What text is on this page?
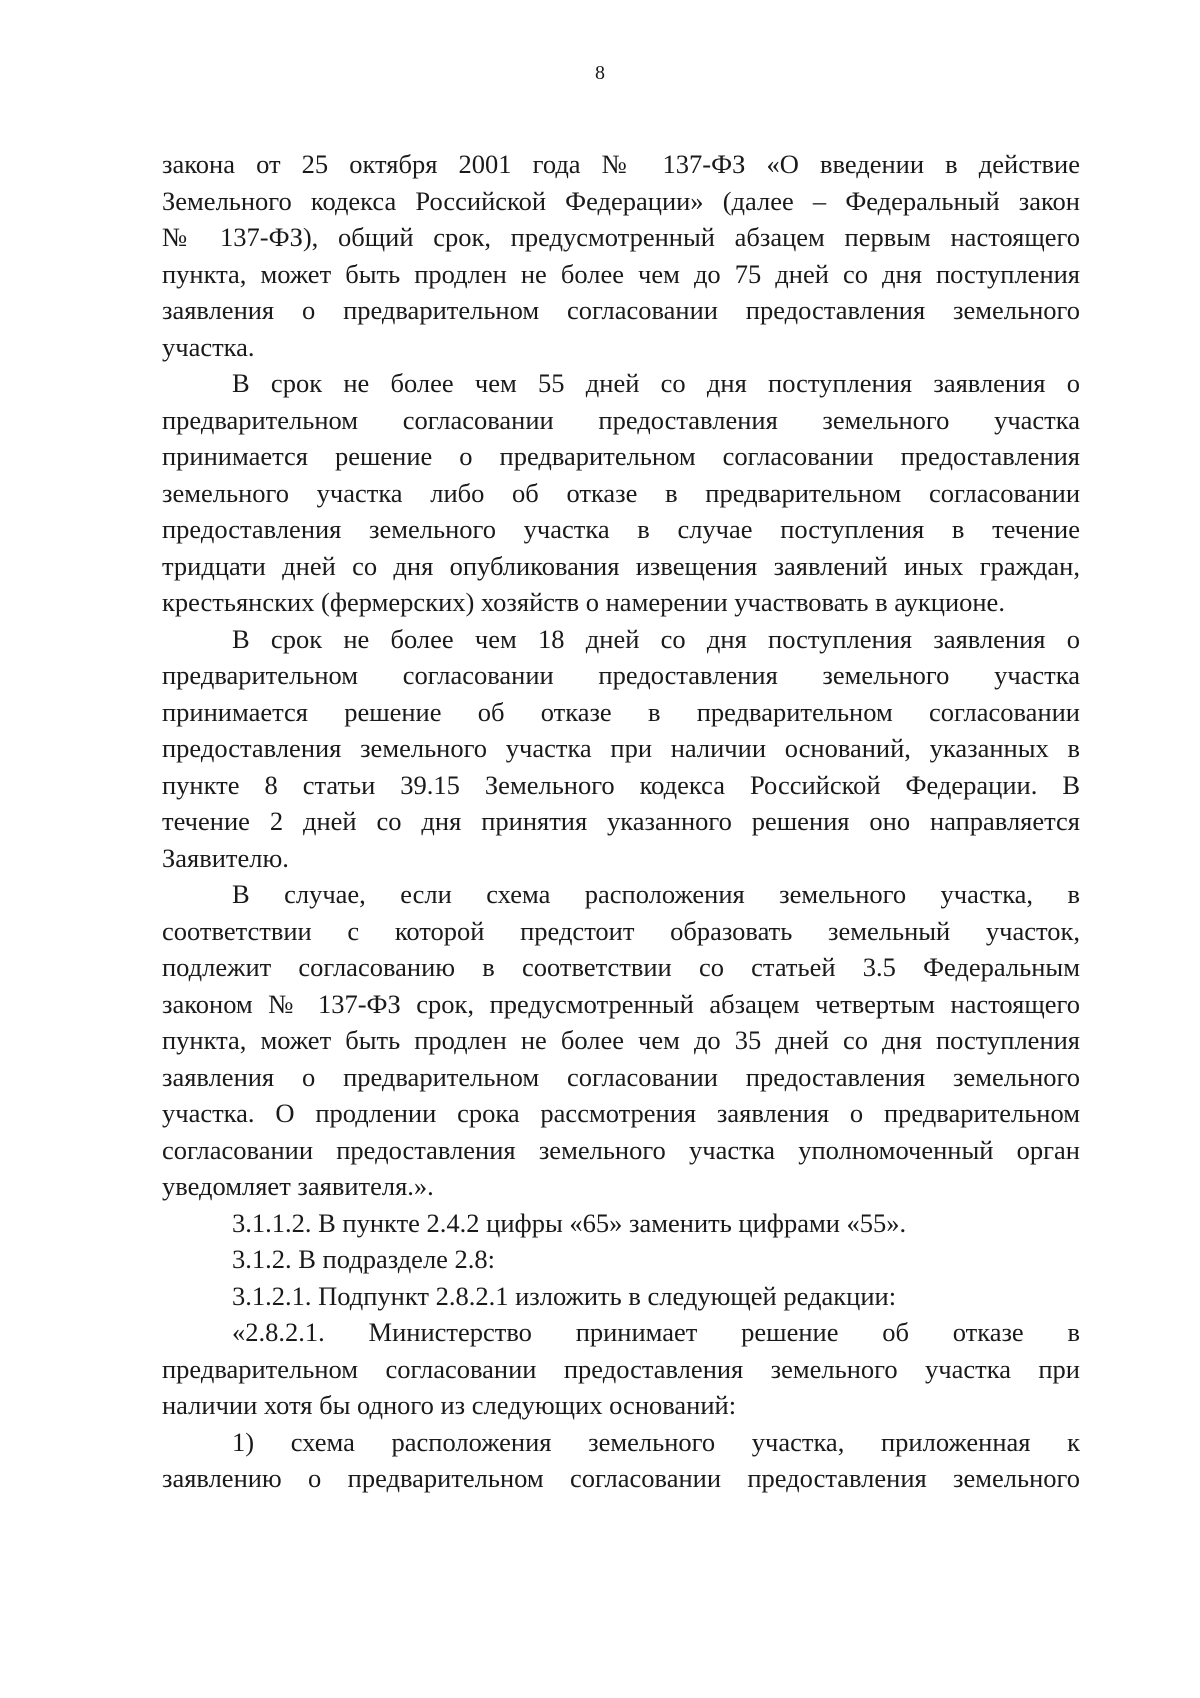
8
закона от 25 октября 2001 года № 137-ФЗ «О введении в действие
Земельного кодекса Российской Федерации» (далее – Федеральный закон
№ 137-ФЗ), общий срок, предусмотренный абзацем первым настоящего
пункта, может быть продлен не более чем до 75 дней со дня поступления
заявления о предварительном согласовании предоставления земельного
участка.
В срок не более чем 55 дней со дня поступления заявления о
предварительном согласовании предоставления земельного участка
принимается решение о предварительном согласовании предоставления
земельного участка либо об отказе в предварительном согласовании
предоставления земельного участка в случае поступления в течение
тридцати дней со дня опубликования извещения заявлений иных граждан,
крестьянских (фермерских) хозяйств о намерении участвовать в аукционе.
В срок не более чем 18 дней со дня поступления заявления о
предварительном согласовании предоставления земельного участка
принимается решение об отказе в предварительном согласовании
предоставления земельного участка при наличии оснований, указанных в
пункте 8 статьи 39.15 Земельного кодекса Российской Федерации. В
течение 2 дней со дня принятия указанного решения оно направляется
Заявителю.
В случае, если схема расположения земельного участка, в
соответствии с которой предстоит образовать земельный участок,
подлежит согласованию в соответствии со статьей 3.5 Федеральным
законом № 137-ФЗ срок, предусмотренный абзацем четвертым настоящего
пункта, может быть продлен не более чем до 35 дней со дня поступления
заявления о предварительном согласовании предоставления земельного
участка. О продлении срока рассмотрения заявления о предварительном
согласовании предоставления земельного участка уполномоченный орган
уведомляет заявителя.».
3.1.1.2. В пункте 2.4.2 цифры «65» заменить цифрами «55».
3.1.2. В подразделе 2.8:
3.1.2.1. Подпункт 2.8.2.1 изложить в следующей редакции:
«2.8.2.1. Министерство принимает решение об отказе в
предварительном согласовании предоставления земельного участка при
наличии хотя бы одного из следующих оснований:
1) схема расположения земельного участка, приложенная к
заявлению о предварительном согласовании предоставления земельного
